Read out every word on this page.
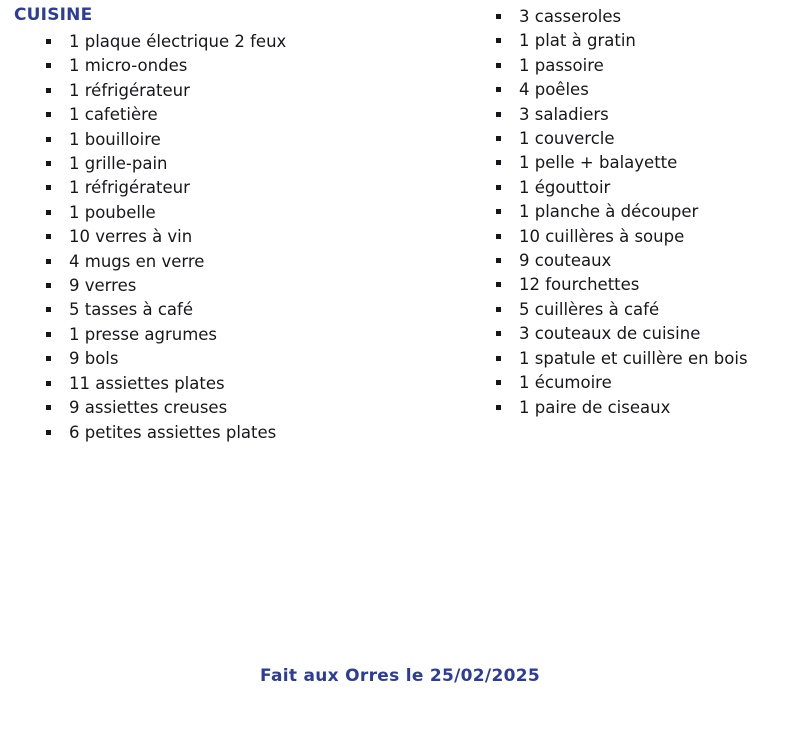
CUISINE
1 plaque électrique 2 feux
1 micro-ondes
1 réfrigérateur
1 cafetière
1 bouilloire
1 grille-pain
1 réfrigérateur
1 poubelle
10 verres à vin
4 mugs en verre
9 verres
5 tasses à café
1 presse agrumes
9 bols
11 assiettes plates
9 assiettes creuses
6 petites assiettes plates
3 casseroles
1 plat à gratin
1 passoire
4 poêles
3 saladiers
1 couvercle
1 pelle + balayette
1 égouttoir
1 planche à découper
10 cuillères à soupe
9 couteaux
12 fourchettes
5 cuillères à café
3 couteaux de cuisine
1 spatule et cuillère en bois
1 écumoire
1 paire de ciseaux
Fait aux Orres le 25/02/2025
